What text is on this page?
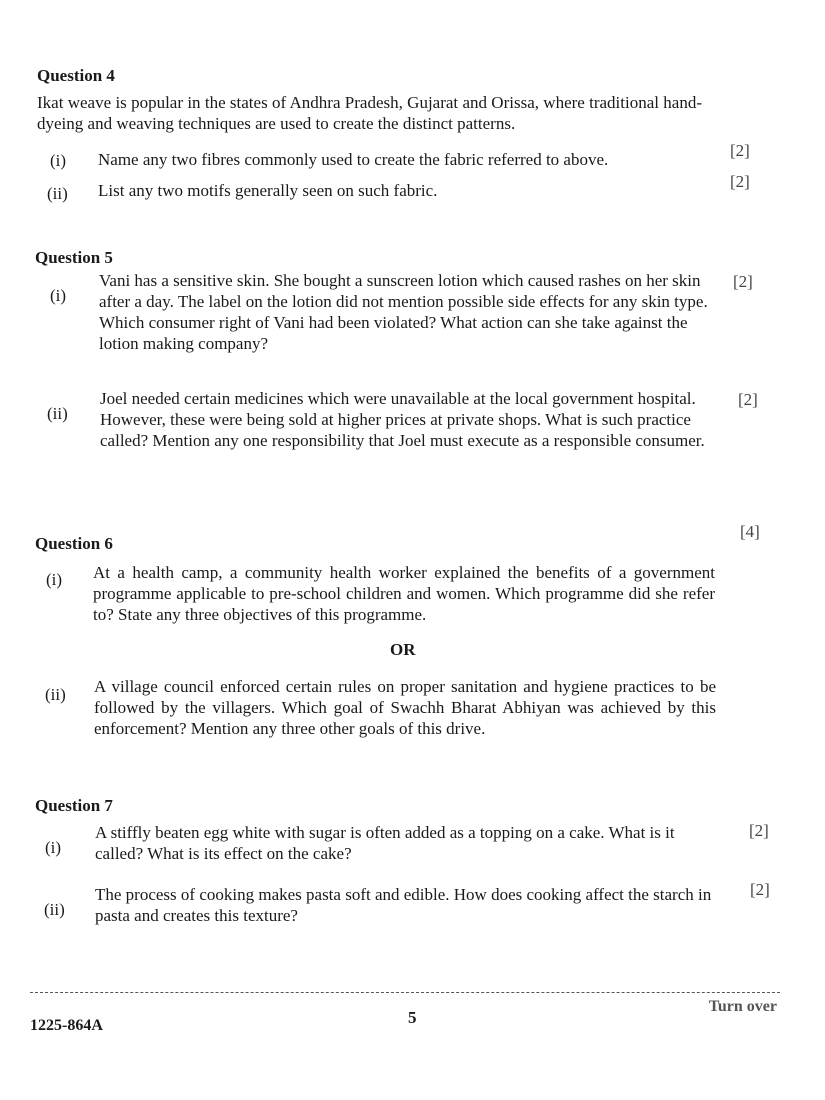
Question 4
Ikat weave is popular in the states of Andhra Pradesh, Gujarat and Orissa, where traditional hand-dyeing and weaving techniques are used to create the distinct patterns.
(i) Name any two fibres commonly used to create the fabric referred to above.	[2]
(ii) List any two motifs generally seen on such fabric.	[2]
Question 5
(i)
Vani has a sensitive skin. She bought a sunscreen lotion which caused rashes on her skin after a day. The label on the lotion did not mention possible side effects for any skin type. Which consumer right of Vani had been violated? What action can she take against the lotion making company?
[2]
(ii)
Joel needed certain medicines which were unavailable at the local government hospital. However, these were being sold at higher prices at private shops. What is such practice called? Mention any one responsibility that Joel must execute as a responsible consumer.
[2]
[4]
Question 6
(i) At a health camp, a community health worker explained the benefits of a government programme applicable to pre-school children and women. Which programme did she refer to? State any three objectives of this programme.
OR
(ii) A village council enforced certain rules on proper sanitation and hygiene practices to be followed by the villagers. Which goal of Swachh Bharat Abhiyan was achieved by this enforcement? Mention any three other goals of this drive.
Question 7
(i)
A stiffly beaten egg white with sugar is often added as a topping on a cake. What is it called? What is its effect on the cake?
[2]
(ii)
The process of cooking makes pasta soft and edible. How does cooking affect the starch in pasta and creates this texture?
[2]
1225-864A	5
Turn over
